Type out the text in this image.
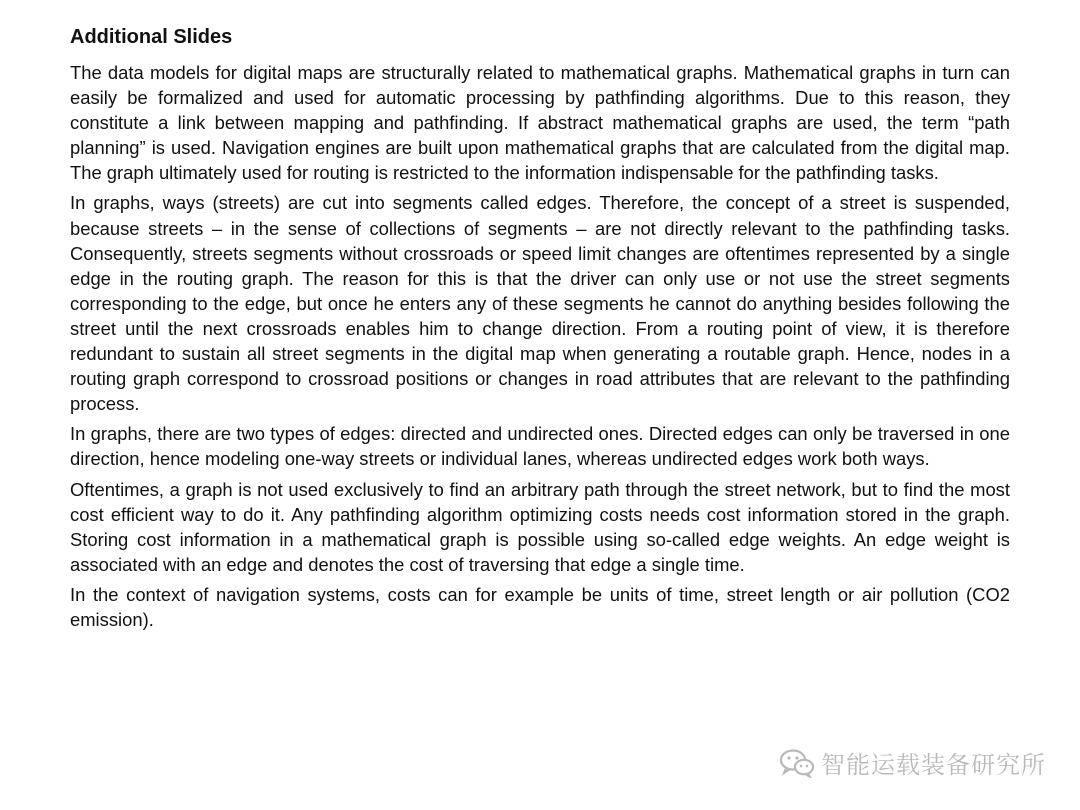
Additional Slides

The data models for digital maps are structurally related to mathematical graphs. Mathematical graphs in turn can easily be formalized and used for automatic processing by pathfinding algorithms. Due to this reason, they constitute a link between mapping and pathfinding. If abstract mathematical graphs are used, the term “path planning” is used. Navigation engines are built upon mathematical graphs that are calculated from the digital map. The graph ultimately used for routing is restricted to the information indispensable for the pathfinding tasks.

In graphs, ways (streets) are cut into segments called edges. Therefore, the concept of a street is suspended, because streets – in the sense of collections of segments – are not directly relevant to the pathfinding tasks. Consequently, streets segments without crossroads or speed limit changes are oftentimes represented by a single edge in the routing graph. The reason for this is that the driver can only use or not use the street segments corresponding to the edge, but once he enters any of these segments he cannot do anything besides following the street until the next crossroads enables him to change direction. From a routing point of view, it is therefore redundant to sustain all street segments in the digital map when generating a routable graph. Hence, nodes in a routing graph correspond to crossroad positions or changes in road attributes that are relevant to the pathfinding process.

In graphs, there are two types of edges: directed and undirected ones. Directed edges can only be traversed in one direction, hence modeling one-way streets or individual lanes, whereas undirected edges work both ways.

Oftentimes, a graph is not used exclusively to find an arbitrary path through the street network, but to find the most cost efficient way to do it. Any pathfinding algorithm optimizing costs needs cost information stored in the graph. Storing cost information in a mathematical graph is possible using so-called edge weights. An edge weight is associated with an edge and denotes the cost of traversing that edge a single time.

In the context of navigation systems, costs can for example be units of time, street length or air pollution (CO2 emission).

智能运载装备研究所
